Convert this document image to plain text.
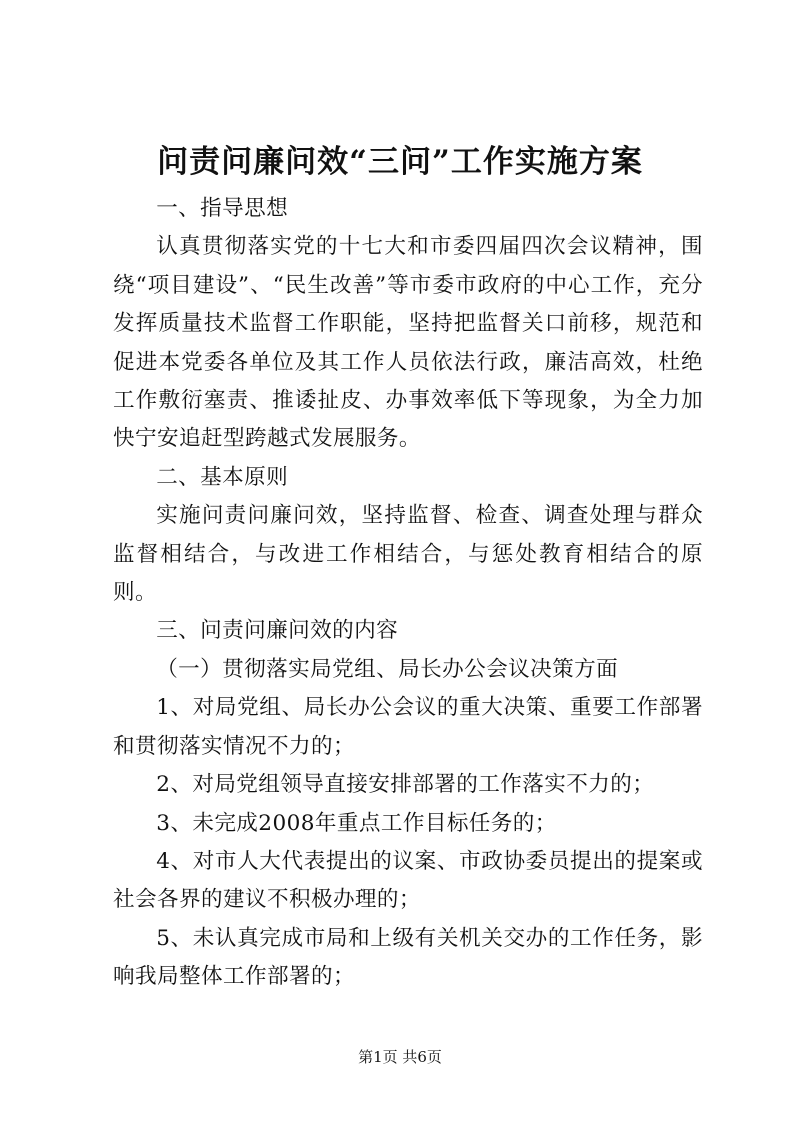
问责问廉问效“三问”工作实施方案

一、指导思想

认真贯彻落实党的十七大和市委四届四次会议精神，围绕“项目建设”、“民生改善”等市委市政府的中心工作，充分发挥质量技术监督工作职能，坚持把监督关口前移，规范和促进本党委各单位及其工作人员依法行政，廉洁高效，杜绝工作敷衍塞责、推诿扯皮、办事效率低下等现象，为全力加快宁安追赶型跨越式发展服务。

二、基本原则

实施问责问廉问效，坚持监督、检查、调查处理与群众监督相结合，与改进工作相结合，与惩处教育相结合的原则。

三、问责问廉问效的内容

（一）贯彻落实局党组、局长办公会议决策方面

1、对局党组、局长办公会议的重大决策、重要工作部署和贯彻落实情况不力的；

2、对局党组领导直接安排部署的工作落实不力的；

3、未完成2008年重点工作目标任务的；

4、对市人大代表提出的议案、市政协委员提出的提案或社会各界的建议不积极办理的；

5、未认真完成市局和上级有关机关交办的工作任务，影响我局整体工作部署的；

第1页 共6页
